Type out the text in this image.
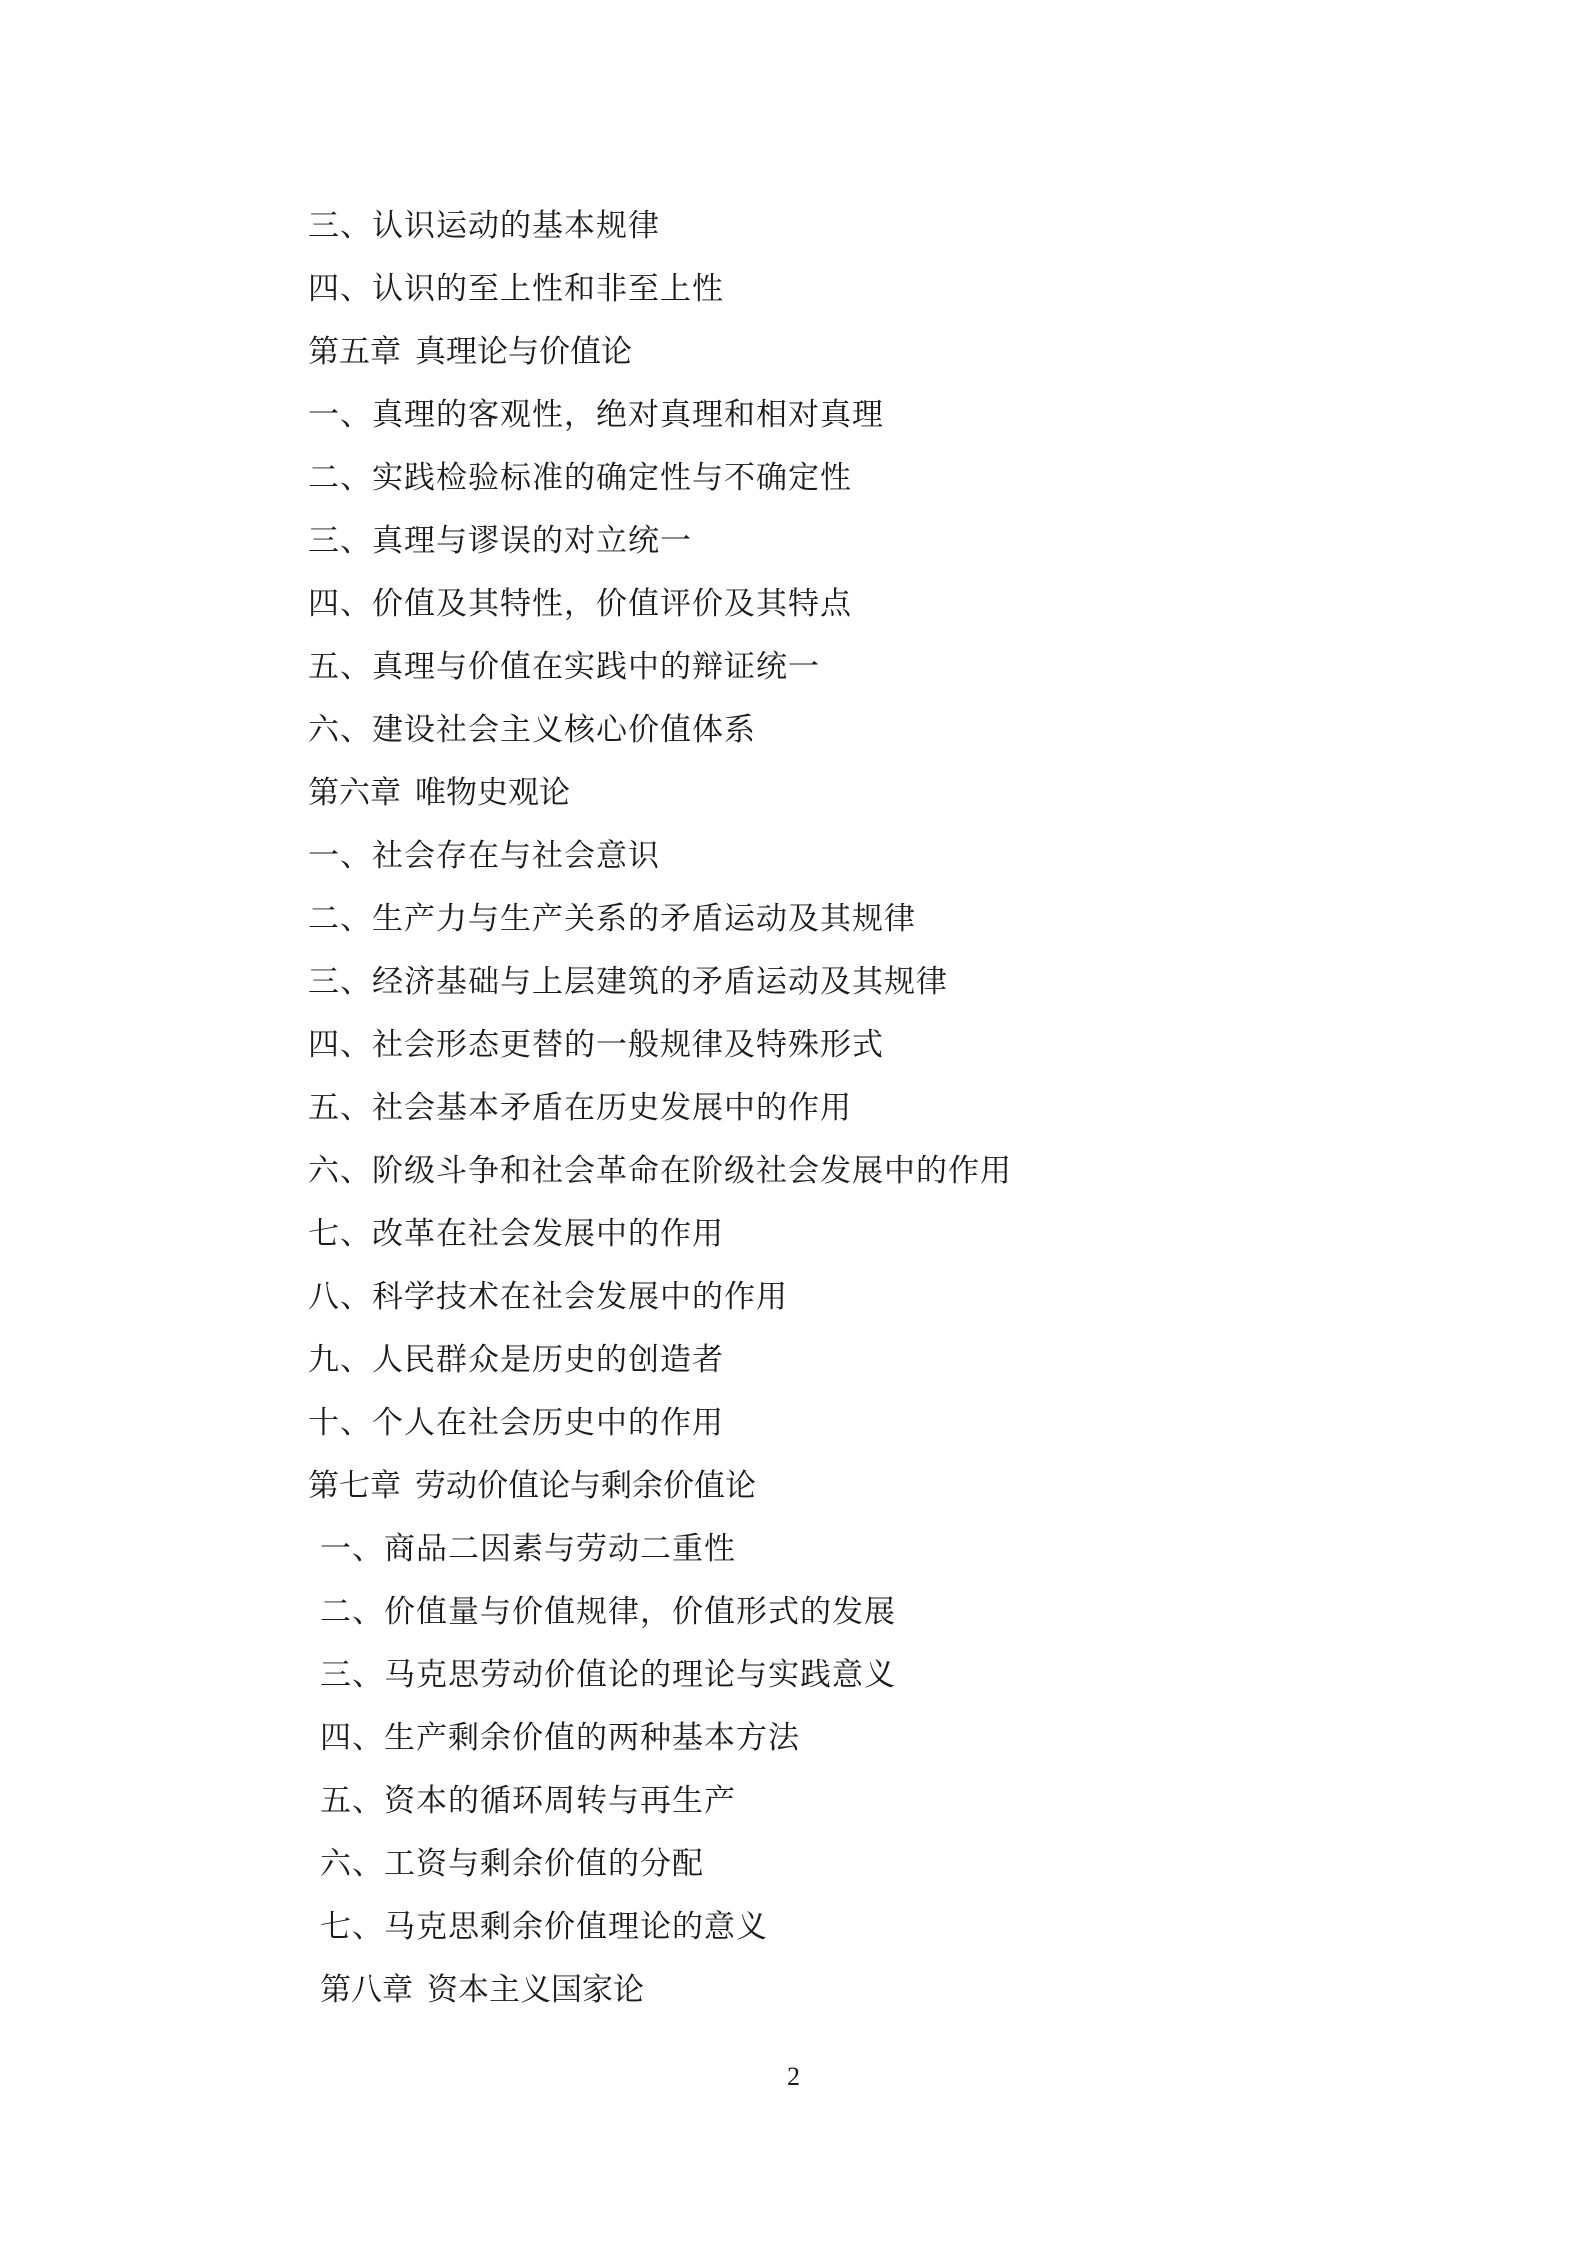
三、认识运动的基本规律
四、认识的至上性和非至上性
第五章 真理论与价值论
一、真理的客观性，绝对真理和相对真理
二、实践检验标准的确定性与不确定性
三、真理与谬误的对立统一
四、价值及其特性，价值评价及其特点
五、真理与价值在实践中的辩证统一
六、建设社会主义核心价值体系
第六章 唯物史观论
一、社会存在与社会意识
二、生产力与生产关系的矛盾运动及其规律
三、经济基础与上层建筑的矛盾运动及其规律
四、社会形态更替的一般规律及特殊形式
五、社会基本矛盾在历史发展中的作用
六、阶级斗争和社会革命在阶级社会发展中的作用
七、改革在社会发展中的作用
八、科学技术在社会发展中的作用
九、人民群众是历史的创造者
十、个人在社会历史中的作用
第七章 劳动价值论与剩余价值论
一、商品二因素与劳动二重性
二、价值量与价值规律，价值形式的发展
三、马克思劳动价值论的理论与实践意义
四、生产剩余价值的两种基本方法
五、资本的循环周转与再生产
六、工资与剩余价值的分配
七、马克思剩余价值理论的意义
第八章 资本主义国家论
2
